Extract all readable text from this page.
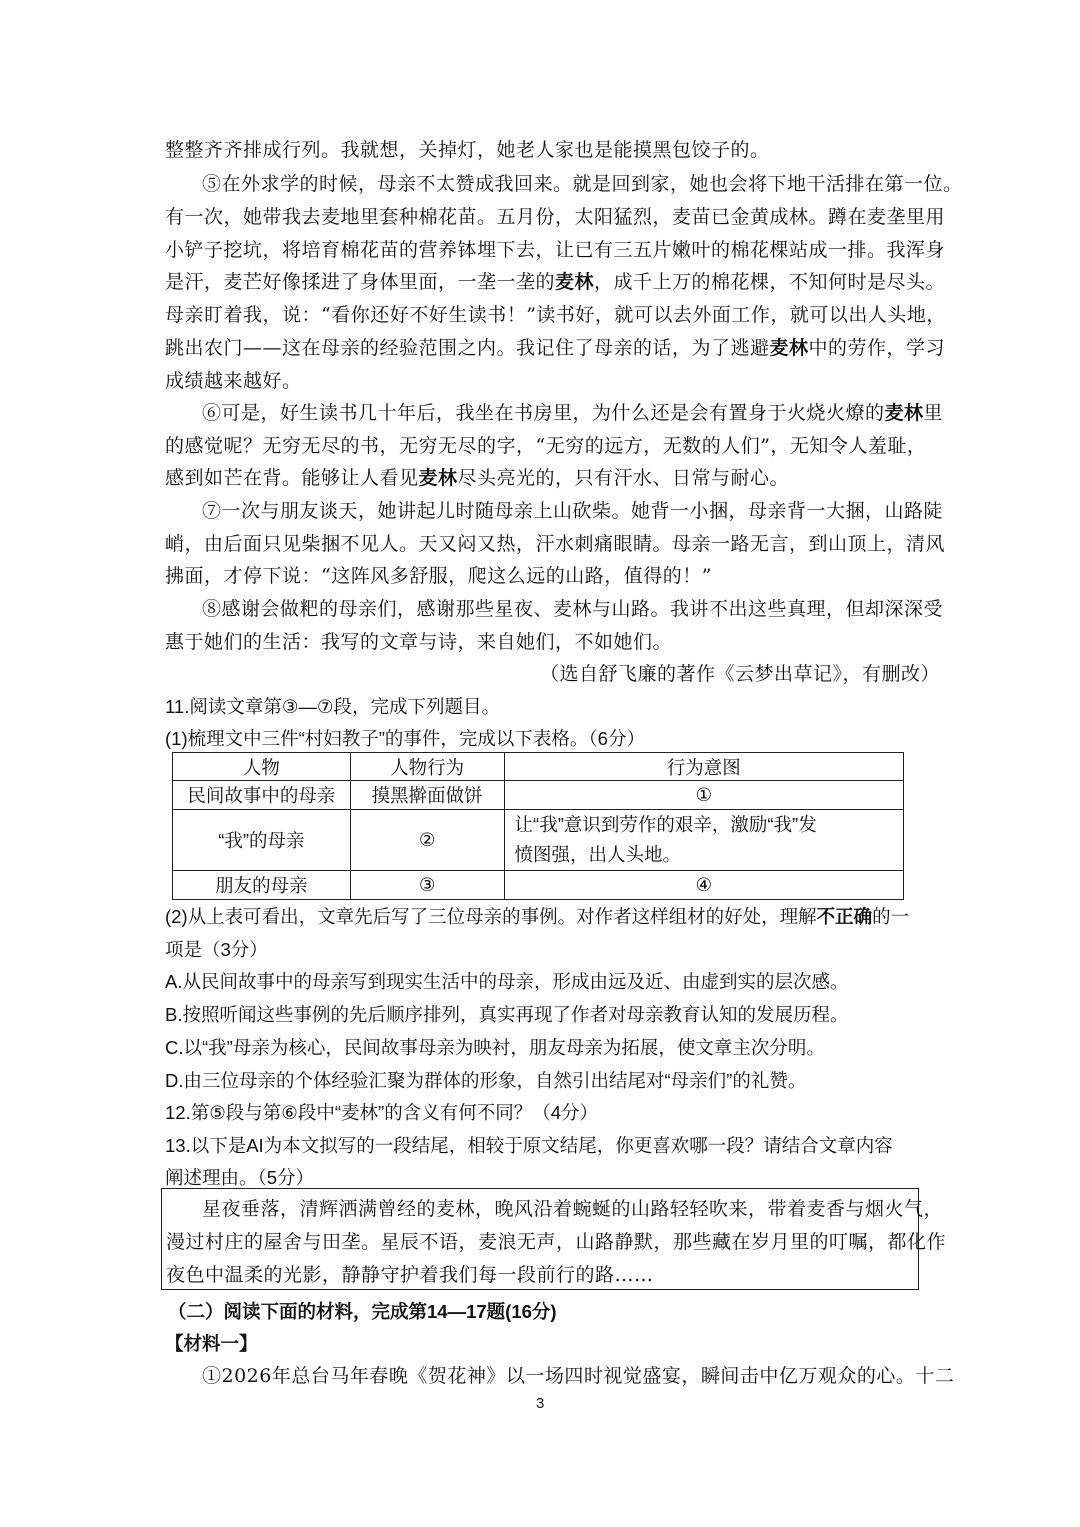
整整齐齐排成行列。我就想，关掉灯，她老人家也是能摸黑包饺子的。
⑤在外求学的时候，母亲不太赞成我回来。就是回到家，她也会将下地干活排在第一位。
有一次，她带我去麦地里套种棉花苗。五月份，太阳猛烈，麦苗已金黄成林。蹲在麦垄里用
小铲子挖坑，将培育棉花苗的营养钵埋下去，让已有三五片嫩叶的棉花棵站成一排。我浑身
是汗，麦芒好像揉进了身体里面，一垄一垄的麦林，成千上万的棉花棵，不知何时是尽头。
母亲盯着我，说：“看你还好不好生读书！”读书好，就可以去外面工作，就可以出人头地，
跳出农门——这在母亲的经验范围之内。我记住了母亲的话，为了逃避麦林中的劳作，学习
成绩越来越好。
⑥可是，好生读书几十年后，我坐在书房里，为什么还是会有置身于火烧火燎的麦林里
的感觉呢？无穷无尽的书，无穷无尽的字，“无穷的远方，无数的人们”，无知令人羞耻，
感到如芒在背。能够让人看见麦林尽头亮光的，只有汗水、日常与耐心。
⑦一次与朋友谈天，她讲起儿时随母亲上山砍柴。她背一小捆，母亲背一大捆，山路陡
峭，由后面只见柴捆不见人。天又闷又热，汗水刺痛眼睛。母亲一路无言，到山顶上，清风
拂面，才停下说：“这阵风多舒服，爬这么远的山路，值得的！”
⑧感谢会做粑的母亲们，感谢那些星夜、麦林与山路。我讲不出这些真理，但却深深受
惠于她们的生活：我写的文章与诗，来自她们，不如她们。
（选自舒飞廉的著作《云梦出草记》，有删改）
11.阅读文章第③—⑦段，完成下列题目。
(1)梳理文中三件“村妇教子”的事件，完成以下表格。（6分）
人物	人物行为	行为意图
民间故事中的母亲	摸黑擀面做饼	①
“我”的母亲	②	让“我”意识到劳作的艰辛，激励“我”发
愤图强，出人头地。

朋友的母亲	③	④
(2)从上表可看出，文章先后写了三位母亲的事例。对作者这样组材的好处，理解不正确的一
项是（3分）
A.从民间故事中的母亲写到现实生活中的母亲，形成由远及近、由虚到实的层次感。
B.按照听闻这些事例的先后顺序排列，真实再现了作者对母亲教育认知的发展历程。
C.以“我”母亲为核心，民间故事母亲为映衬，朋友母亲为拓展，使文章主次分明。
D.由三位母亲的个体经验汇聚为群体的形象，自然引出结尾对“母亲们”的礼赞。
12.第⑤段与第⑥段中“麦林”的含义有何不同？（4分）
13.以下是AI为本文拟写的一段结尾，相较于原文结尾，你更喜欢哪一段？请结合文章内容
阐述理由。（5分）
星夜垂落，清辉洒满曾经的麦林，晚风沿着蜿蜒的山路轻轻吹来，带着麦香与烟火气，
漫过村庄的屋舍与田垄。星辰不语，麦浪无声，山路静默，那些藏在岁月里的叮嘱，都化作
夜色中温柔的光影，静静守护着我们每一段前行的路……
（二）阅读下面的材料，完成第14—17题(16分)
【材料一】
①2026年总台马年春晚《贺花神》以一场四时视觉盛宴，瞬间击中亿万观众的心。十二
3
